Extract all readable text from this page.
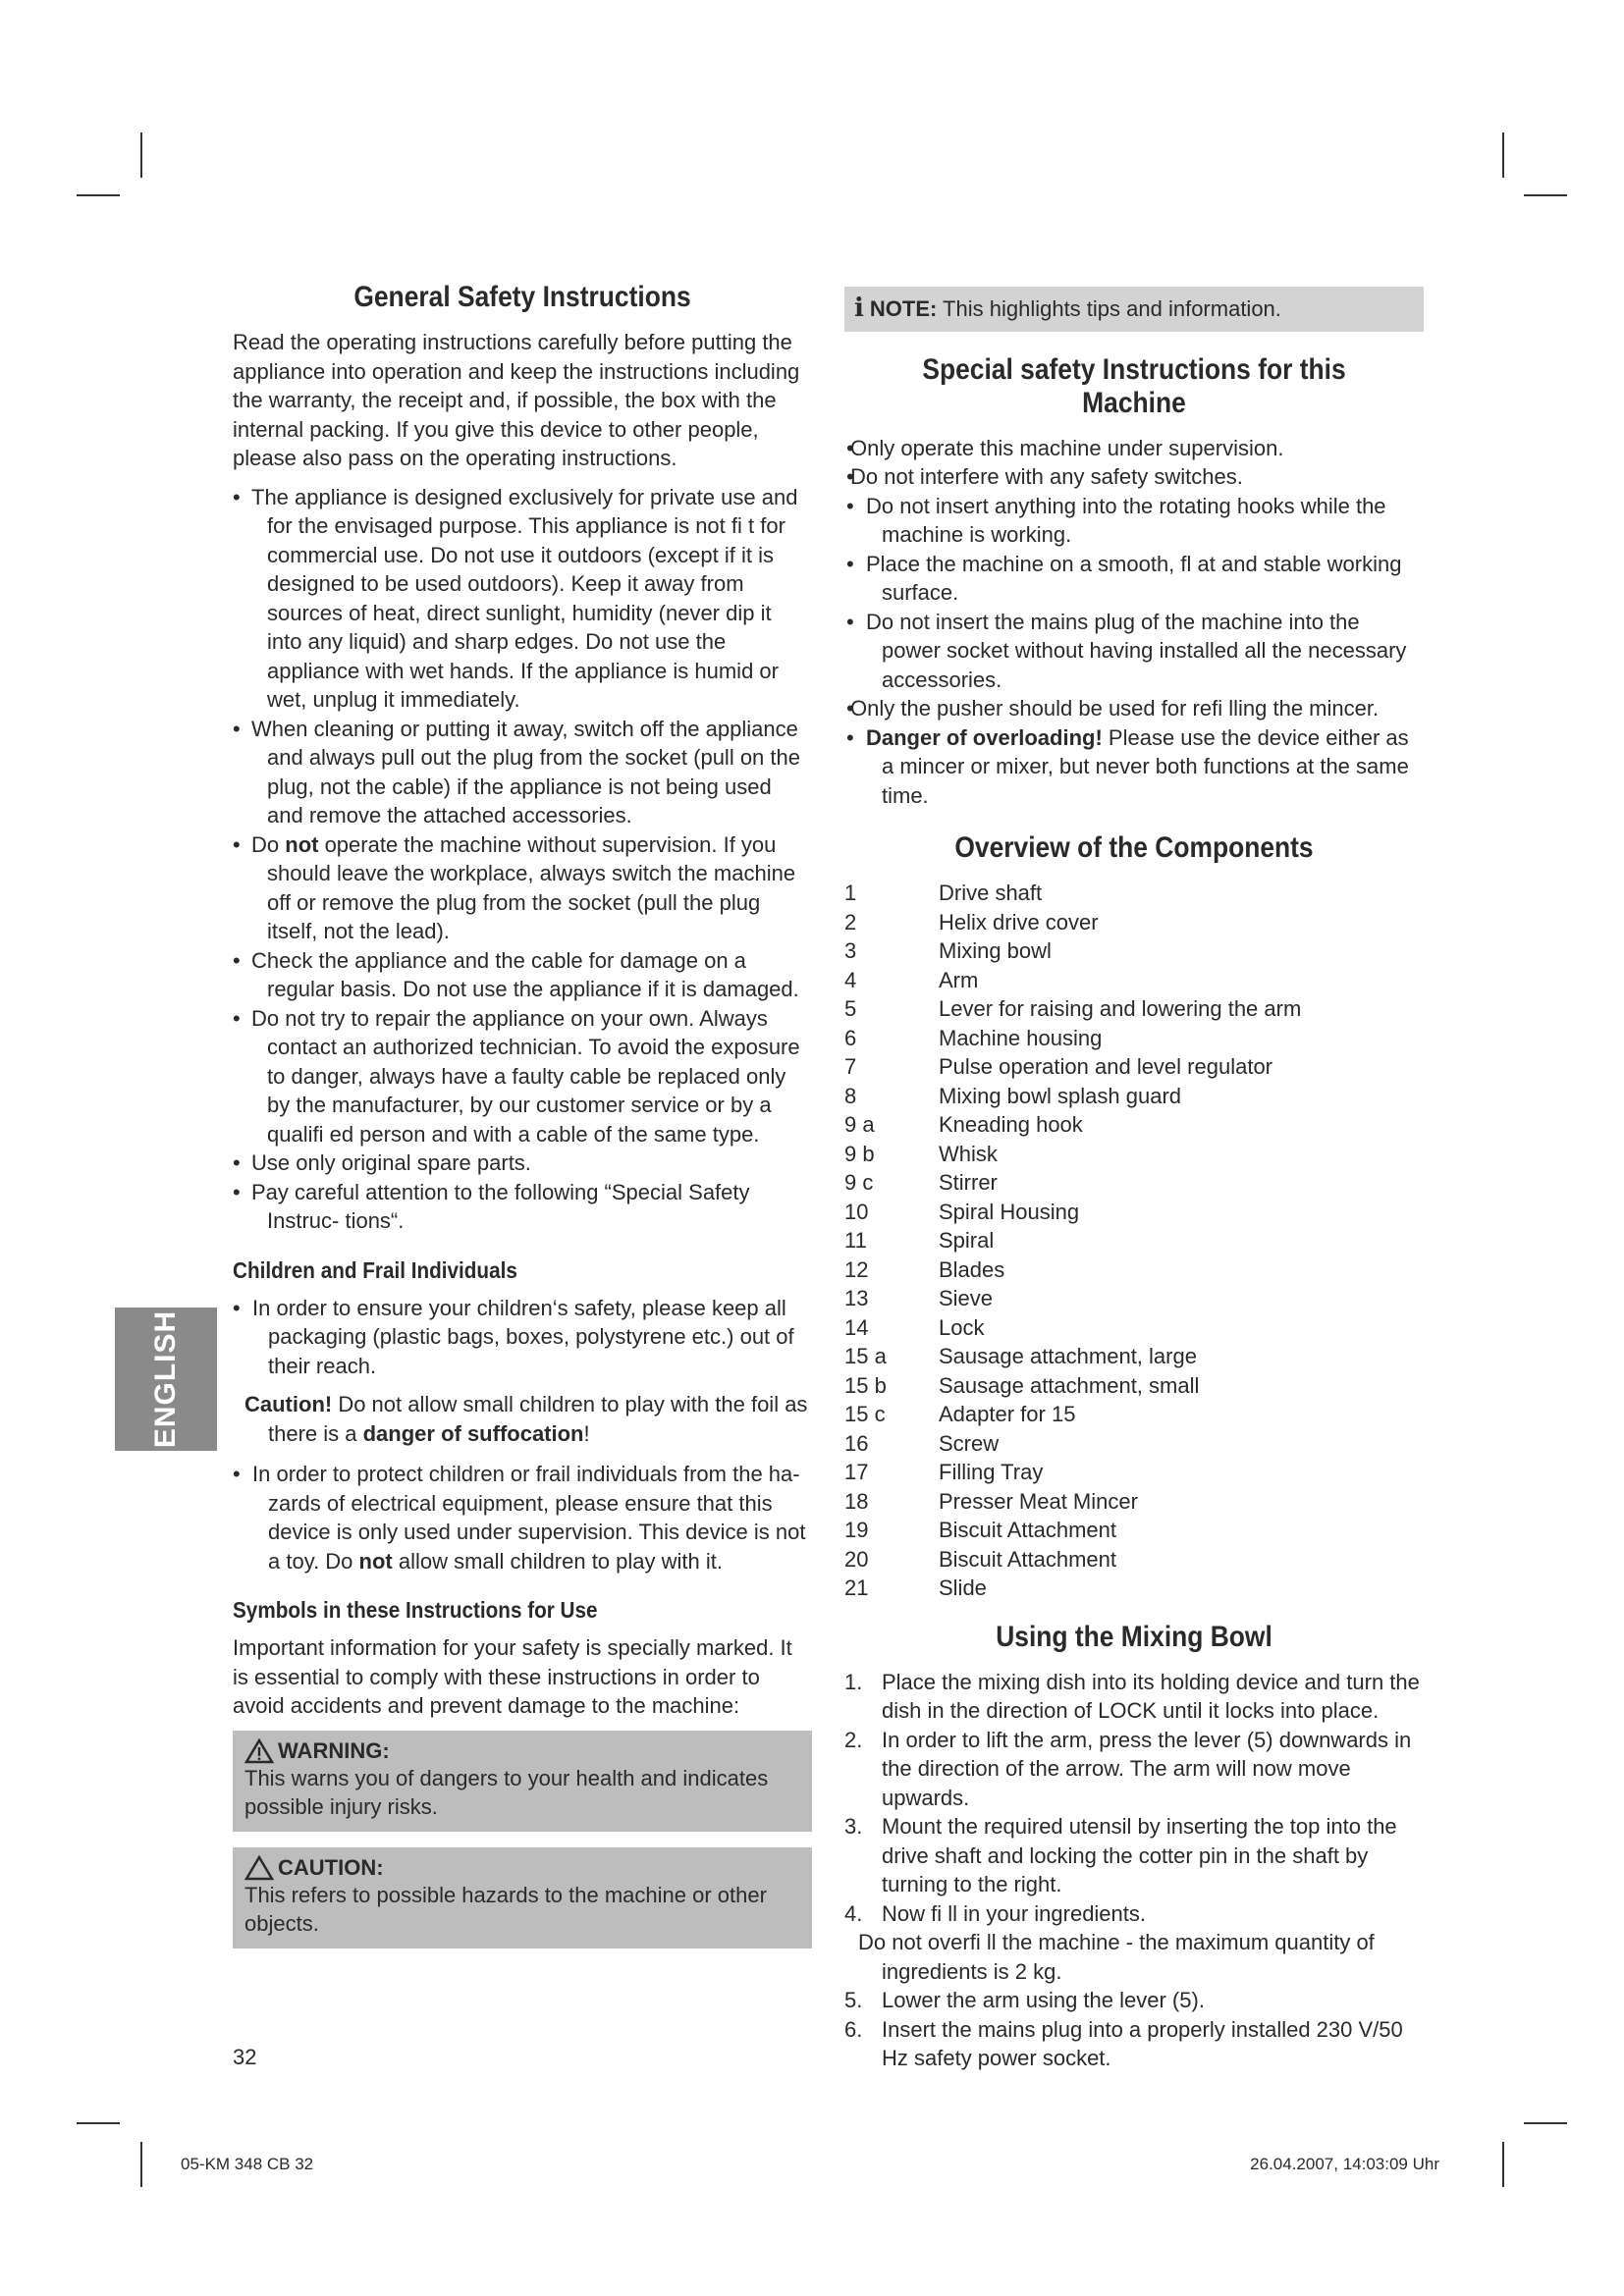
ENGLISH
General Safety Instructions

Read the operating instructions carefully before putting the appliance into operation and keep the instructions including the warranty, the receipt and, if possible, the box with the internal packing. If you give this device to other people, please also pass on the operating instructions.

• The appliance is designed exclusively for private use and for the envisaged purpose. This appliance is not fi t for commercial use. Do not use it outdoors (except if it is designed to be used outdoors). Keep it away from sources of heat, direct sunlight, humidity (never dip it into any liquid) and sharp edges. Do not use the appliance with wet hands. If the appliance is humid or wet, unplug it immediately.
• When cleaning or putting it away, switch off the appliance and always pull out the plug from the socket (pull on the plug, not the cable) if the appliance is not being used and remove the attached accessories.
• Do not operate the machine without supervision. If you should leave the workplace, always switch the machine off or remove the plug from the socket (pull the plug itself, not the lead).
• Check the appliance and the cable for damage on a regular basis. Do not use the appliance if it is damaged.
• Do not try to repair the appliance on your own. Always contact an authorized technician. To avoid the exposure to danger, always have a faulty cable be replaced only by the manufacturer, by our customer service or by a qualifi ed person and with a cable of the same type.
• Use only original spare parts.
• Pay careful attention to the following “Special Safety Instruc- tions“.
Children and Frail Individuals
• In order to ensure your children‘s safety, please keep all packaging (plastic bags, boxes, polystyrene etc.) out of their reach.
Caution! Do not allow small children to play with the foil as there is a danger of suffocation!
• In order to protect children or frail individuals from the ha- zards of electrical equipment, please ensure that this device is only used under supervision. This device is not a toy. Do not allow small children to play with it.
Symbols in these Instructions for Use

Important information for your safety is specially marked. It is essential to comply with these instructions in order to avoid accidents and prevent damage to the machine:

WARNING:
This warns you of dangers to your health and indicates possible injury risks.
CAUTION:
This refers to possible hazards to the machine or other objects.
i NOTE: This highlights tips and information.
Special safety Instructions for this Machine
• Only operate this machine under supervision.
• Do not interfere with any safety switches.
• Do not insert anything into the rotating hooks while the machine is working.
• Place the machine on a smooth, fl at and stable working surface.
• Do not insert the mains plug of the machine into the power socket without having installed all the necessary accessories.
• Only the pusher should be used for refi lling the mincer.
• Danger of overloading! Please use the device either as a mincer or mixer, but never both functions at the same time.
Overview of the Components
1	Drive shaft
2	Helix drive cover
3	Mixing bowl
4	Arm
5	Lever for raising and lowering the arm
6	Machine housing
7	Pulse operation and level regulator
8	Mixing bowl splash guard
9 a	Kneading hook
9 b	Whisk
9 c	Stirrer
10	Spiral Housing
11	Spiral
12	Blades
13	Sieve
14	Lock
15 a	Sausage attachment, large
15 b	Sausage attachment, small
15 c	Adapter for 15
16	Screw
17	Filling Tray
18	Presser Meat Mincer
19	Biscuit Attachment
20	Biscuit Attachment
21	Slide
Using the Mixing Bowl
1. Place the mixing dish into its holding device and turn the dish in the direction of LOCK until it locks into place.
2. In order to lift the arm, press the lever (5) downwards in the direction of the arrow. The arm will now move upwards.
3. Mount the required utensil by inserting the top into the drive shaft and locking the cotter pin in the shaft by turning to the right.
4. Now fi ll in your ingredients.
Do not overfi ll the machine - the maximum quantity of
ingredients is 2 kg.
5. Lower the arm using the lever (5).
6. Insert the mains plug into a properly installed 230 V/50 Hz safety power socket.
32
05-KM 348 CB 32	26.04.2007, 14:03:09 Uhr
